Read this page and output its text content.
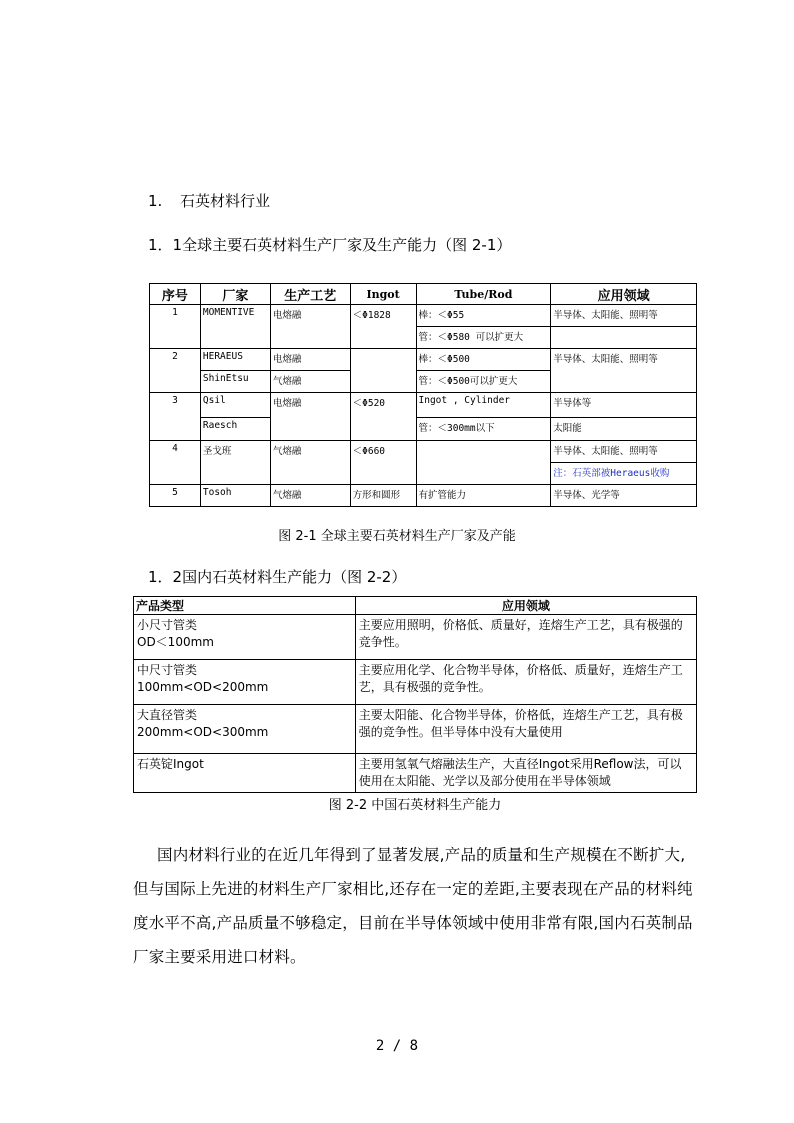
1. 石英材料行业
1．1全球主要石英材料生产厂家及生产能力（图 2-1）
序号	厂家	生产工艺	Ingot	Tube/Rod	应用领域
1	MOMENTIVE	电熔融	＜Φ1828	棒：＜Φ55	半导体、太阳能、照明等
				管：＜Φ580 可以扩更大	
2	HERAEUS	电熔融		棒：＜Φ500	半导体、太阳能、照明等
	ShinEtsu	气熔融		管：＜Φ500可以扩更大	
3	Qsil	电熔融	＜Φ520	Ingot , Cylinder	半导体等
	Raesch			管：＜300mm以下	太阳能
4	圣戈班	气熔融	＜Φ660		半导体、太阳能、照明等
					注：石英部被Heraeus收购
5	Tosoh	气熔融	方形和圆形	有扩管能力	半导体、光学等
图 2-1 全球主要石英材料生产厂家及产能
1．2国内石英材料生产能力（图 2-2）
产品类型	应用领域

小尺寸管类
OD＜100mm	主要应用照明，价格低、质量好，连熔生产工艺，具有极强的竞争性。

中尺寸管类
100mm<OD<200mm	主要应用化学、化合物半导体，价格低、质量好，连熔生产工艺，具有极强的竞争性。

大直径管类
200mm<OD<300mm	主要太阳能、化合物半导体，价格低，连熔生产工艺，具有极强的竞争性。但半导体中没有大量使用

石英锭Ingot	主要用氢氧气熔融法生产，大直径Ingot采用Reflow法，可以使用在太阳能、光学以及部分使用在半导体领域
图 2-2 中国石英材料生产能力
国内材料行业的在近几年得到了显著发展,产品的质量和生产规模在不断扩大, 但与国际上先进的材料生产厂家相比,还存在一定的差距,主要表现在产品的材料纯度水平不高,产品质量不够稳定，目前在半导体领域中使用非常有限,国内石英制品厂家主要采用进口材料。
2 / 8
